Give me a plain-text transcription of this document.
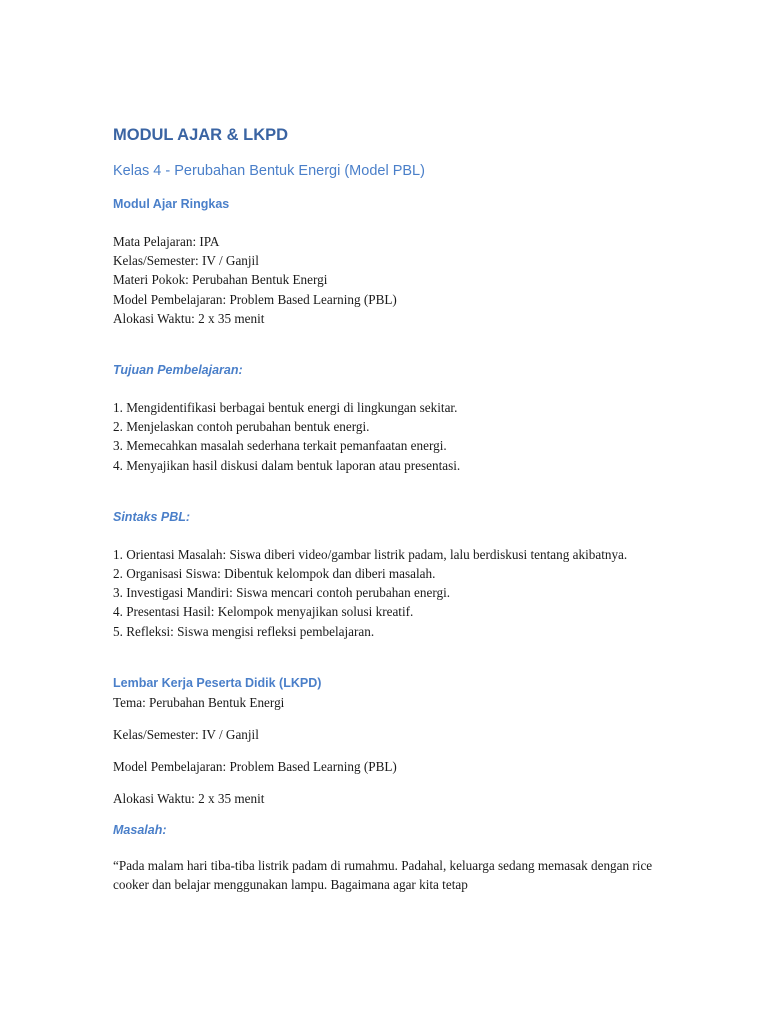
MODUL AJAR & LKPD
Kelas 4 - Perubahan Bentuk Energi (Model PBL)
Modul Ajar Ringkas
Mata Pelajaran: IPA
Kelas/Semester: IV / Ganjil
Materi Pokok: Perubahan Bentuk Energi
Model Pembelajaran: Problem Based Learning (PBL)
Alokasi Waktu: 2 x 35 menit
Tujuan Pembelajaran:
1. Mengidentifikasi berbagai bentuk energi di lingkungan sekitar.
2. Menjelaskan contoh perubahan bentuk energi.
3. Memecahkan masalah sederhana terkait pemanfaatan energi.
4. Menyajikan hasil diskusi dalam bentuk laporan atau presentasi.
Sintaks PBL:
1. Orientasi Masalah: Siswa diberi video/gambar listrik padam, lalu berdiskusi tentang akibatnya.
2. Organisasi Siswa: Dibentuk kelompok dan diberi masalah.
3. Investigasi Mandiri: Siswa mencari contoh perubahan energi.
4. Presentasi Hasil: Kelompok menyajikan solusi kreatif.
5. Refleksi: Siswa mengisi refleksi pembelajaran.
Lembar Kerja Peserta Didik (LKPD)
Tema: Perubahan Bentuk Energi
Kelas/Semester: IV / Ganjil
Model Pembelajaran: Problem Based Learning (PBL)
Alokasi Waktu: 2 x 35 menit
Masalah:
“Pada malam hari tiba-tiba listrik padam di rumahmu. Padahal, keluarga sedang memasak dengan rice cooker dan belajar menggunakan lampu. Bagaimana agar kita tetap
